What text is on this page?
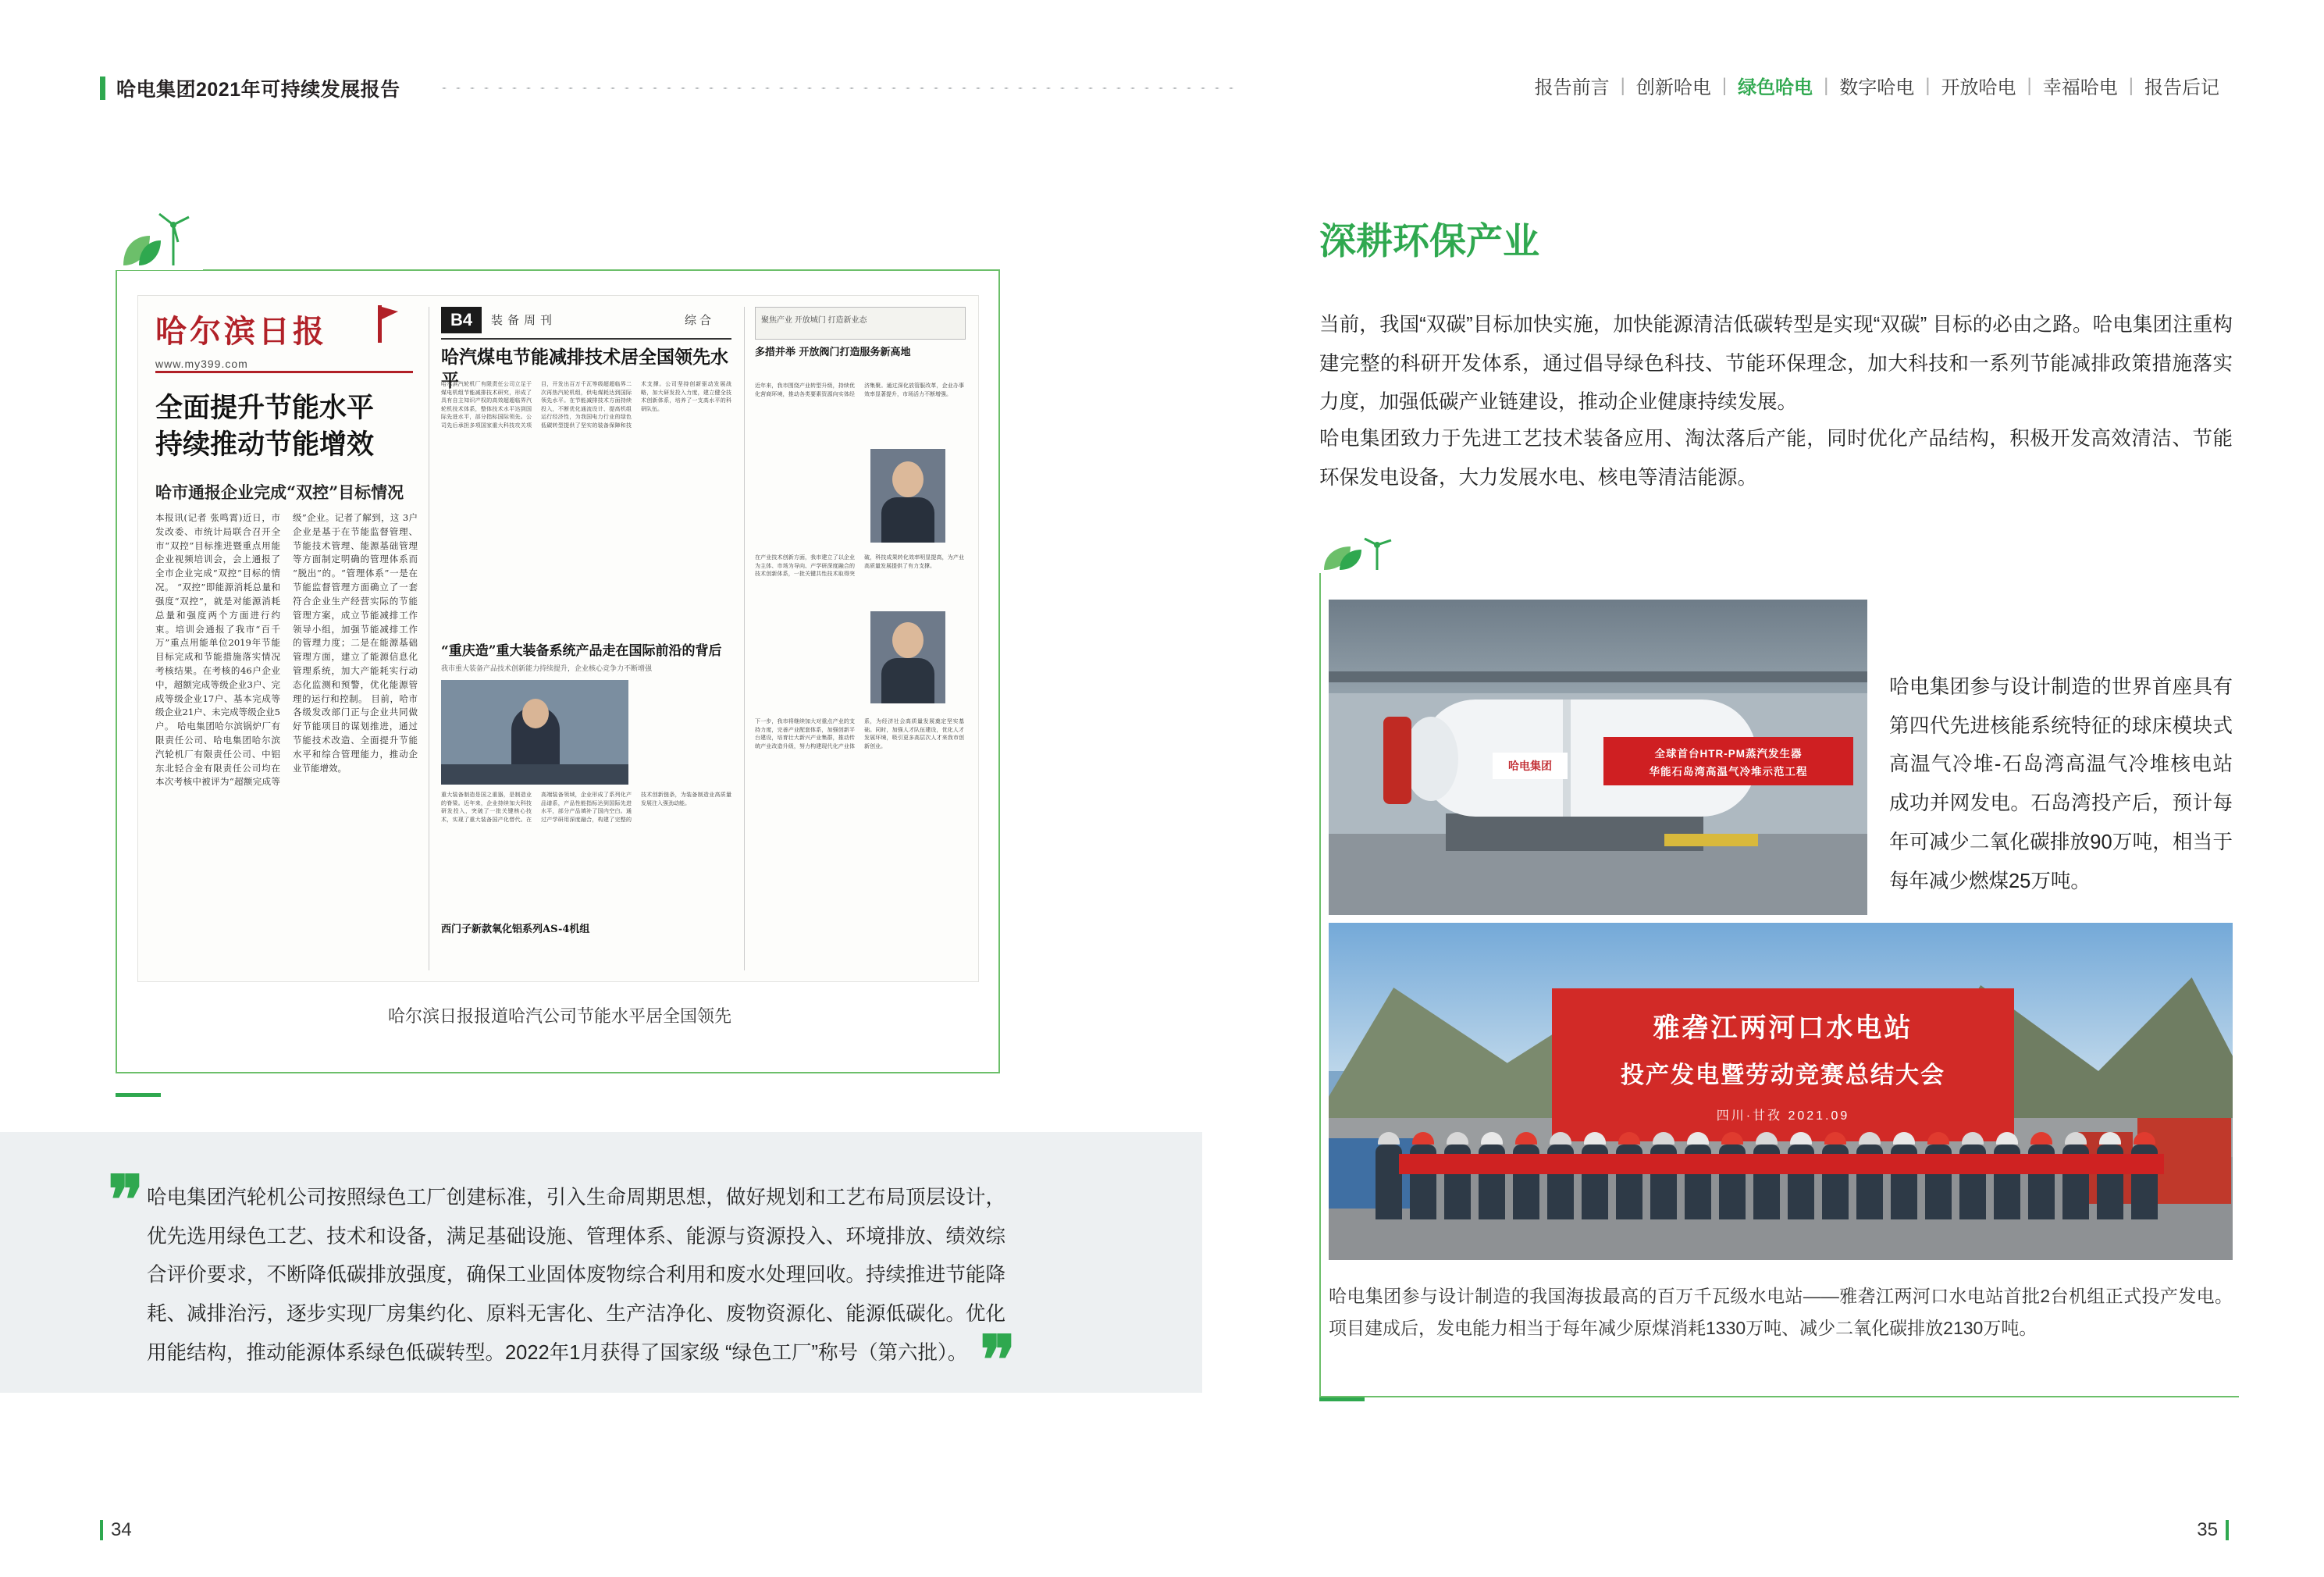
哈电集团2021年可持续发展报告	报告前言 | 创新哈电 | 绿色哈电 | 数字哈电 | 开放哈电 | 幸福哈电 | 报告后记
哈尔滨日报
www.my399.com
全面提升节能水平
持续推动节能增效
哈市通报企业完成“双控”目标情况
本报讯(记者 张鸣霄)近日，市发改委、市统计局联合召开全市“双控”目标推进暨重点用能企业视频培训会，会上通报了全市企业完成“双控”目标的情况。 “双控”即能源消耗总量和强度“双控”，就是对能源消耗总量和强度两个方面进行约束。培训会通报了我市“百千万”重点用能单位2019年节能目标完成和节能措施落实情况考核结果。在考核的46户企业中，超额完成等级企业3户、完成等级企业17户、基本完成等级企业21户、未完成等级企业5户。 哈电集团哈尔滨锅炉厂有限责任公司、哈电集团哈尔滨汽轮机厂有限责任公司、中铝东北轻合金有限责任公司均在本次考核中被评为“超额完成等级”企业。记者了解到，这 3户企业是基于在节能监督管理、节能技术管理、能源基础管理等方面制定明确的管理体系而“脱出”的。“管理体系”一是在节能监督管理方面确立了一套符合企业生产经营实际的节能管理方案，成立节能减排工作领导小组，加强节能减排工作的管理力度；二是在能源基础管理方面，建立了能源信息化管理系统，加大产能耗实行动态化监测和预警，优化能源管理的运行和控制。 目前，哈市各级发改部门正与企业共同做好节能项目的谋划推进，通过节能技术改造、全面提升节能水平和综合管理能力，推动企业节能增效。
B4	装备周刊	综合
哈汽煤电节能减排技术居全国领先水平
哈尔滨汽轮机厂有限责任公司立足于煤电机组节能减排技术研究，形成了具有自主知识产权的高效超超临界汽轮机技术体系，整体技术水平达到国际先进水平，部分指标国际领先。公司先后承担多项国家重大科技攻关项目，开发出百万千瓦等级超超临界二次再热汽轮机组，供电煤耗达到国际领先水平。在节能减排技术方面持续投入，不断优化通流设计、提高机组运行经济性，为我国电力行业的绿色低碳转型提供了坚实的装备保障和技术支撑。公司坚持创新驱动发展战略，加大研发投入力度，建立健全技术创新体系，培养了一支高水平的科研队伍。
“重庆造”重大装备系统产品走在国际前沿的背后
我市重大装备产品技术创新能力持续提升，企业核心竞争力不断增强
重大装备制造是国之重器，是制造业的脊梁。近年来，企业持续加大科技研发投入，突破了一批关键核心技术，实现了重大装备国产化替代。在高端装备领域，企业形成了系列化产品谱系，产品性能指标达到国际先进水平，部分产品填补了国内空白。通过产学研用深度融合，构建了完整的技术创新链条，为装备制造业高质量发展注入强劲动能。
西门子新款氧化铝系列AS-4机组
聚焦产业 开放城门 打造新业态
多措并举 开放阀门打造服务新高地
近年来，我市围绕产业转型升级，持续优化营商环境，推动各类要素资源向实体经济集聚。通过深化放管服改革，企业办事效率显著提升，市场活力不断增强。
在产业技术创新方面，我市建立了以企业为主体、市场为导向、产学研深度融合的技术创新体系，一批关键共性技术取得突破，科技成果转化效率明显提高，为产业高质量发展提供了有力支撑。
下一步，我市将继续加大对重点产业的支持力度，完善产业配套体系，加强创新平台建设，培育壮大新兴产业集群，推动传统产业改造升级，努力构建现代化产业体系，为经济社会高质量发展奠定坚实基础。同时，加强人才队伍建设，优化人才发展环境，吸引更多高层次人才来我市创新创业。
哈尔滨日报报道哈汽公司节能水平居全国领先
❞ 哈电集团汽轮机公司按照绿色工厂创建标准，引入生命周期思想，做好规划和工艺布局顶层设计，优先选用绿色工艺、技术和设备，满足基础设施、管理体系、能源与资源投入、环境排放、绩效综合评价要求，不断降低碳排放强度，确保工业固体废物综合利用和废水处理回收。持续推进节能降耗、减排治污，逐步实现厂房集约化、原料无害化、生产洁净化、废物资源化、能源低碳化。优化用能结构，推动能源体系绿色低碳转型。2022年1月获得了国家级 “绿色工厂”称号（第六批）。 ❞
深耕环保产业
当前，我国“双碳”目标加快实施，加快能源清洁低碳转型是实现“双碳” 目标的必由之路。哈电集团注重构建完整的科研开发体系，通过倡导绿色科技、节能环保理念，加大科技和一系列节能减排政策措施落实力度，加强低碳产业链建设，推动企业健康持续发展。
哈电集团致力于先进工艺技术装备应用、淘汰落后产能，同时优化产品结构，积极开发高效清洁、节能环保发电设备，大力发展水电、核电等清洁能源。
哈电集团
全球首台HTR-PM蒸汽发生器
华能石岛湾高温气冷堆示范工程
哈电集团参与设计制造的世界首座具有第四代先进核能系统特征的球床模块式高温气冷堆-石岛湾高温气冷堆核电站成功并网发电。石岛湾投产后，预计每年可减少二氧化碳排放90万吨，相当于每年减少燃煤25万吨。
雅砻江两河口水电站
投产发电暨劳动竞赛总结大会
四川·甘孜 2021.09
哈电集团参与设计制造的我国海拔最高的百万千瓦级水电站——雅砻江两河口水电站首批2台机组正式投产发电。项目建成后，发电能力相当于每年减少原煤消耗1330万吨、减少二氧化碳排放2130万吨。
34	35
